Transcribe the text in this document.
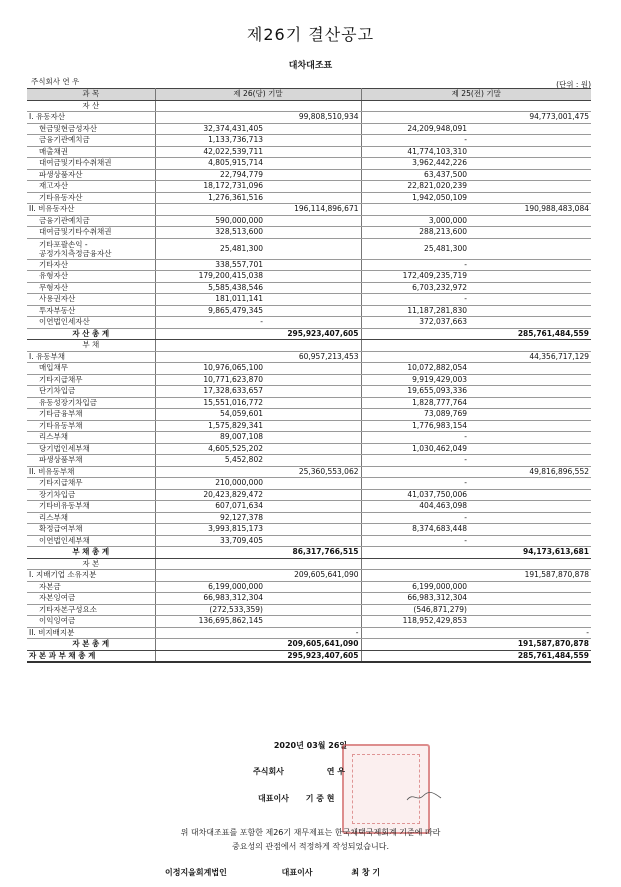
제26기 결산공고
대차대조표
주식회사 연 우	(단위 : 원)
과 목	제 26(당) 기말		제 25(전) 기말	
자 산				
I. 유동자산		99,808,510,934		94,773,001,475
현금및현금성자산	32,374,431,405		24,209,948,091	
금융기관예치금	1,133,736,713		-	
매출채권	42,022,539,711		41,774,103,310	
대여금및기타수취채권	4,805,915,714		3,962,442,226	
파생상품자산	22,794,779		63,437,500	
재고자산	18,172,731,096		22,821,020,239	
기타유동자산	1,276,361,516		1,942,050,109	
II. 비유동자산		196,114,896,671		190,988,483,084
금융기관예치금	590,000,000		3,000,000	
대여금및기타수취채권	328,513,600		288,213,600	

기타포괄손익 -
공정가치측정금융자산	25,481,300		25,481,300	
기타자산	338,557,701		-	
유형자산	179,200,415,038		172,409,235,719	
무형자산	5,585,438,546		6,703,232,972	
사용권자산	181,011,141		-	
투자부동산	9,865,479,345		11,187,281,830	
이연법인세자산	-		372,037,663	
자 산 총 계		295,923,407,605		285,761,484,559
부 채				
I. 유동부채		60,957,213,453		44,356,717,129
매입채무	10,976,065,100		10,072,882,054	
기타지급채무	10,771,623,870		9,919,429,003	
단기차입금	17,328,633,657		19,655,093,336	
유동성장기차입금	15,551,016,772		1,828,777,764	
기타금융부채	54,059,601		73,089,769	
기타유동부채	1,575,829,341		1,776,983,154	
리스부채	89,007,108		-	
당기법인세부채	4,605,525,202		1,030,462,049	
파생상품부채	5,452,802		-	
II. 비유동부채		25,360,553,062		49,816,896,552
기타지급채무	210,000,000		-	
장기차입금	20,423,829,472		41,037,750,006	
기타비유동부채	607,071,634		404,463,098	
리스부채	92,127,378		-	
확정급여부채	3,993,815,173		8,374,683,448	
이연법인세부채	33,709,405		-	
부 채 총 계		86,317,766,515		94,173,613,681
자 본				
I. 지배기업 소유지분		209,605,641,090		191,587,870,878
자본금	6,199,000,000		6,199,000,000	
자본잉여금	66,983,312,304		66,983,312,304	
기타자본구성요소	(272,533,359)		(546,871,279)	
이익잉여금	136,695,862,145		118,952,429,853	
II. 비지배지분		-		-
자 본 총 계		209,605,641,090		191,587,870,878
자 본 과 부 채 총 계		295,923,407,605		285,761,484,559
2020년 03월 26일
주식회사	연 우
대표이사 기 중 현
위 대차대조표를 포함한 제26기 재무제표는 한국채택국제회계 기준에 따라
중요성의 관점에서 적정하게 작성되었습니다.
이정지을회계법인	대표이사	최 창 기
